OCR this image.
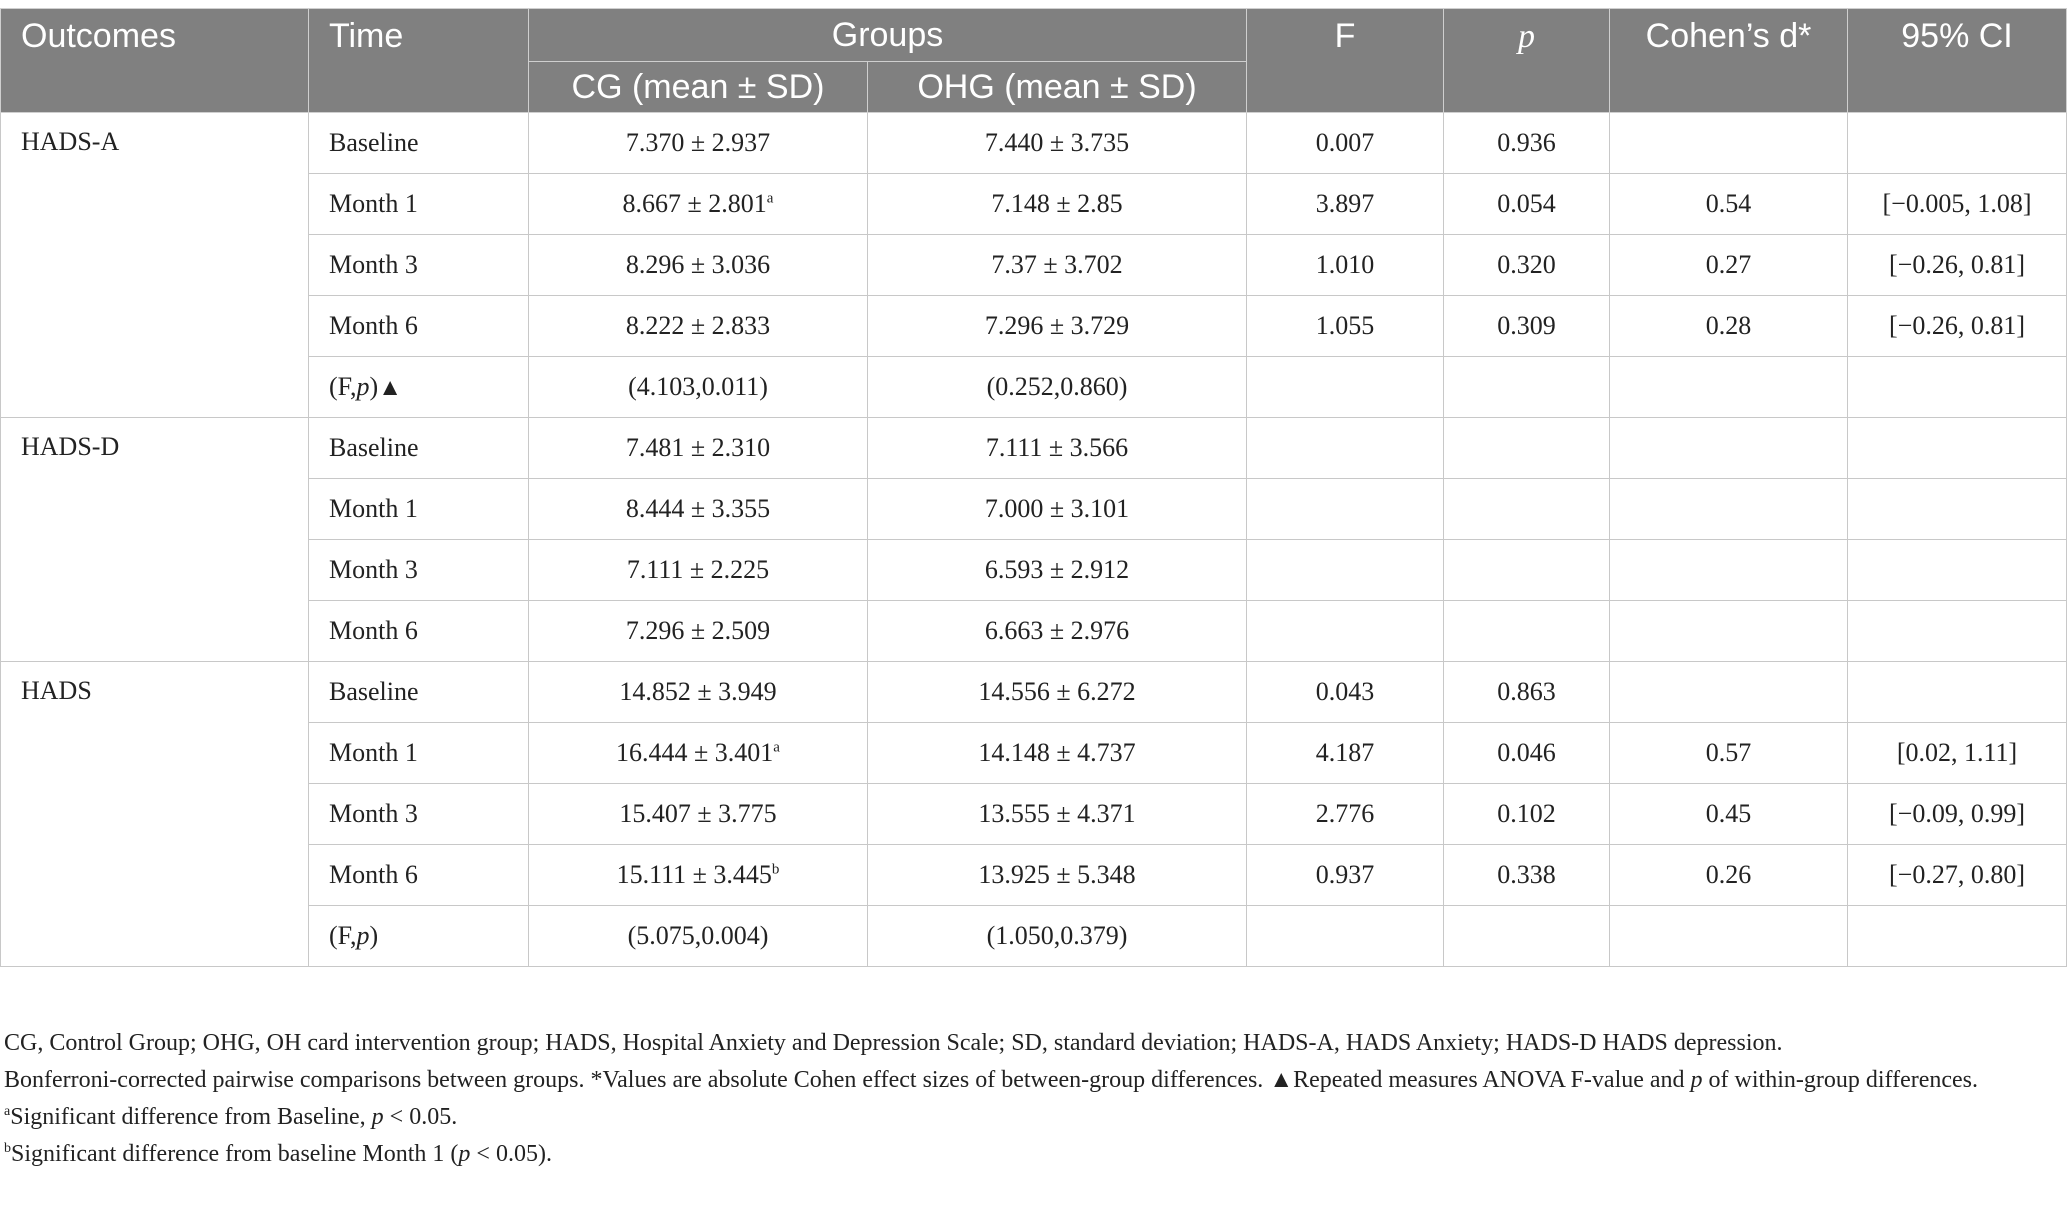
Outcomes	Time	Groups		F	p	Cohen’s d*	95% CI
		CG (mean ± SD)	OHG (mean ± SD)				
HADS-A	Baseline	7.370 ± 2.937	7.440 ± 3.735	0.007	0.936		
	Month 1	8.667 ± 2.801$^a$	7.148 ± 2.85	3.897	0.054	0.54	[−0.005, 1.08]
	Month 3	8.296 ± 3.036	7.37 ± 3.702	1.010	0.320	0.27	[−0.26, 0.81]
	Month 6	8.222 ± 2.833	7.296 ± 3.729	1.055	0.309	0.28	[−0.26, 0.81]
	(F,p)▲	(4.103,0.011)	(0.252,0.860)				
HADS-D	Baseline	7.481 ± 2.310	7.111 ± 3.566				
	Month 1	8.444 ± 3.355	7.000 ± 3.101				
	Month 3	7.111 ± 2.225	6.593 ± 2.912				
	Month 6	7.296 ± 2.509	6.663 ± 2.976				
HADS	Baseline	14.852 ± 3.949	14.556 ± 6.272	0.043	0.863		
	Month 1	16.444 ± 3.401$^a$	14.148 ± 4.737	4.187	0.046	0.57	[0.02, 1.11]
	Month 3	15.407 ± 3.775	13.555 ± 4.371	2.776	0.102	0.45	[−0.09, 0.99]
	Month 6	15.111 ± 3.445$^b$	13.925 ± 5.348	0.937	0.338	0.26	[−0.27, 0.80]
	(F,p)	(5.075,0.004)	(1.050,0.379)				

CG, Control Group; OHG, OH card intervention group; HADS, Hospital Anxiety and Depression Scale; SD, standard deviation; HADS-A, HADS Anxiety; HADS-D HADS depression.

Bonferroni-corrected pairwise comparisons between groups. *Values are absolute Cohen effect sizes of between-group differences. ▲Repeated measures ANOVA F-value and p of within-group differences.

$^a$Significant difference from Baseline, p < 0.05.

$^b$Significant difference from baseline Month 1 (p < 0.05).
